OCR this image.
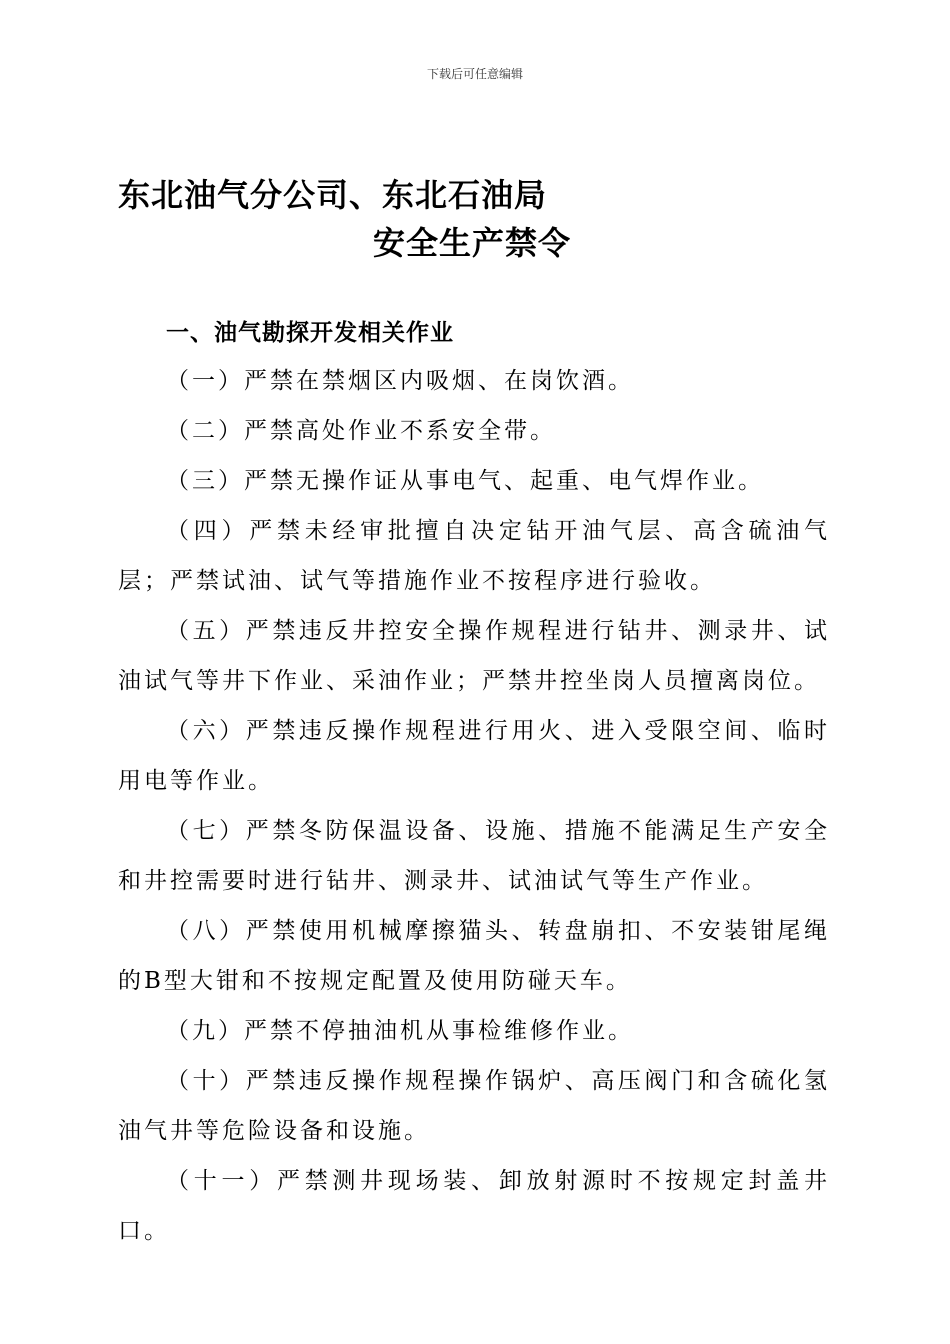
下载后可任意编辑
东北油气分公司、东北石油局
安全生产禁令
一、油气勘探开发相关作业

（一）严禁在禁烟区内吸烟、在岗饮酒。

（二）严禁高处作业不系安全带。

（三）严禁无操作证从事电气、起重、电气焊作业。

（四）严禁未经审批擅自决定钻开油气层、高含硫油气层；严禁试油、试气等措施作业不按程序进行验收。

（五）严禁违反井控安全操作规程进行钻井、测录井、试油试气等井下作业、采油作业；严禁井控坐岗人员擅离岗位。

（六）严禁违反操作规程进行用火、进入受限空间、临时用电等作业。

（七）严禁冬防保温设备、设施、措施不能满足生产安全和井控需要时进行钻井、测录井、试油试气等生产作业。

（八）严禁使用机械摩擦猫头、转盘崩扣、不安装钳尾绳的B型大钳和不按规定配置及使用防碰天车。

（九）严禁不停抽油机从事检维修作业。

（十）严禁违反操作规程操作锅炉、高压阀门和含硫化氢油气井等危险设备和设施。

（十一）严禁测井现场装、卸放射源时不按规定封盖井口。
